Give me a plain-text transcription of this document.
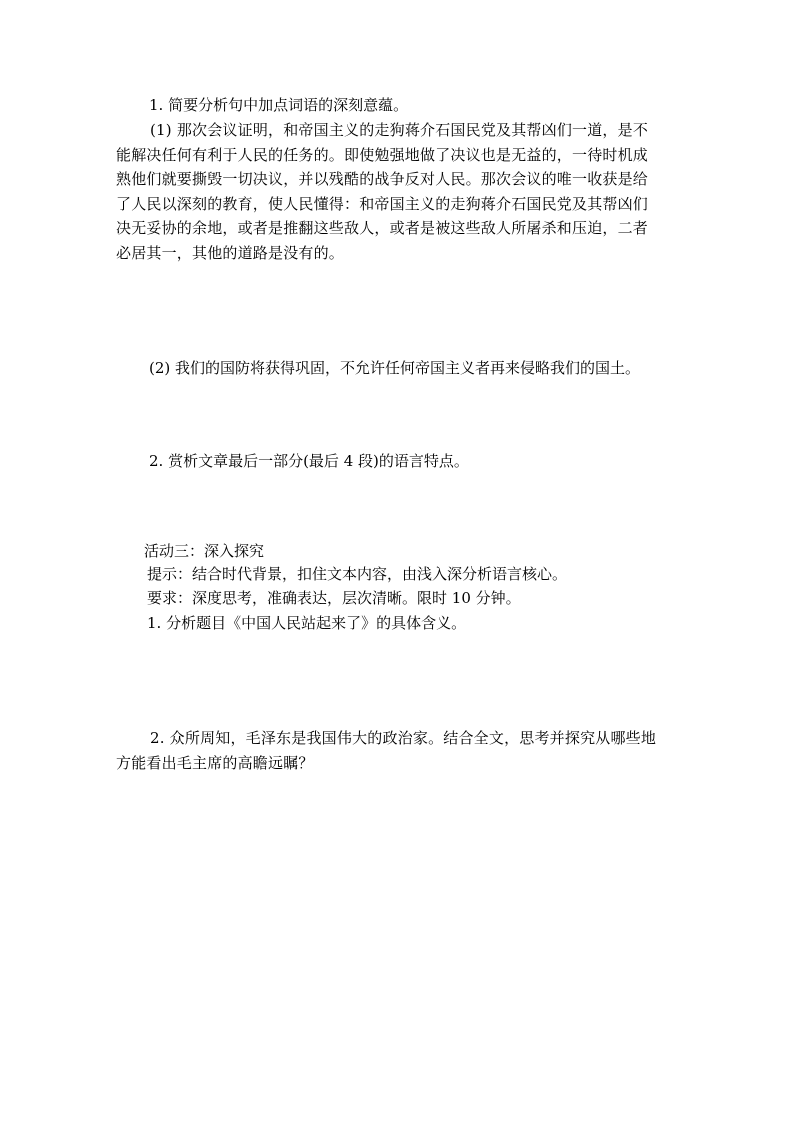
1. 简要分析句中加点词语的深刻意蕴。
(1) 那次会议证明，和帝国主义的走狗蒋介石国民党及其帮凶们一道，是不
能解决任何有利于人民的任务的。即使勉强地做了决议也是无益的，一待时机成
熟他们就要撕毁一切决议，并以残酷的战争反对人民。那次会议的唯一收获是给
了人民以深刻的教育，使人民懂得：和帝国主义的走狗蒋介石国民党及其帮凶们
决无妥协的余地，或者是推翻这些敌人，或者是被这些敌人所屠杀和压迫，二者
必居其一，其他的道路是没有的。
(2) 我们的国防将获得巩固，不允许任何帝国主义者再来侵略我们的国土。
2. 赏析文章最后一部分(最后 4 段)的语言特点。
活动三：深入探究
提示：结合时代背景，扣住文本内容，由浅入深分析语言核心。
要求：深度思考，准确表达，层次清晰。限时 10 分钟。
1. 分析题目《中国人民站起来了》的具体含义。
2. 众所周知，毛泽东是我国伟大的政治家。结合全文，思考并探究从哪些地
方能看出毛主席的高瞻远瞩？
